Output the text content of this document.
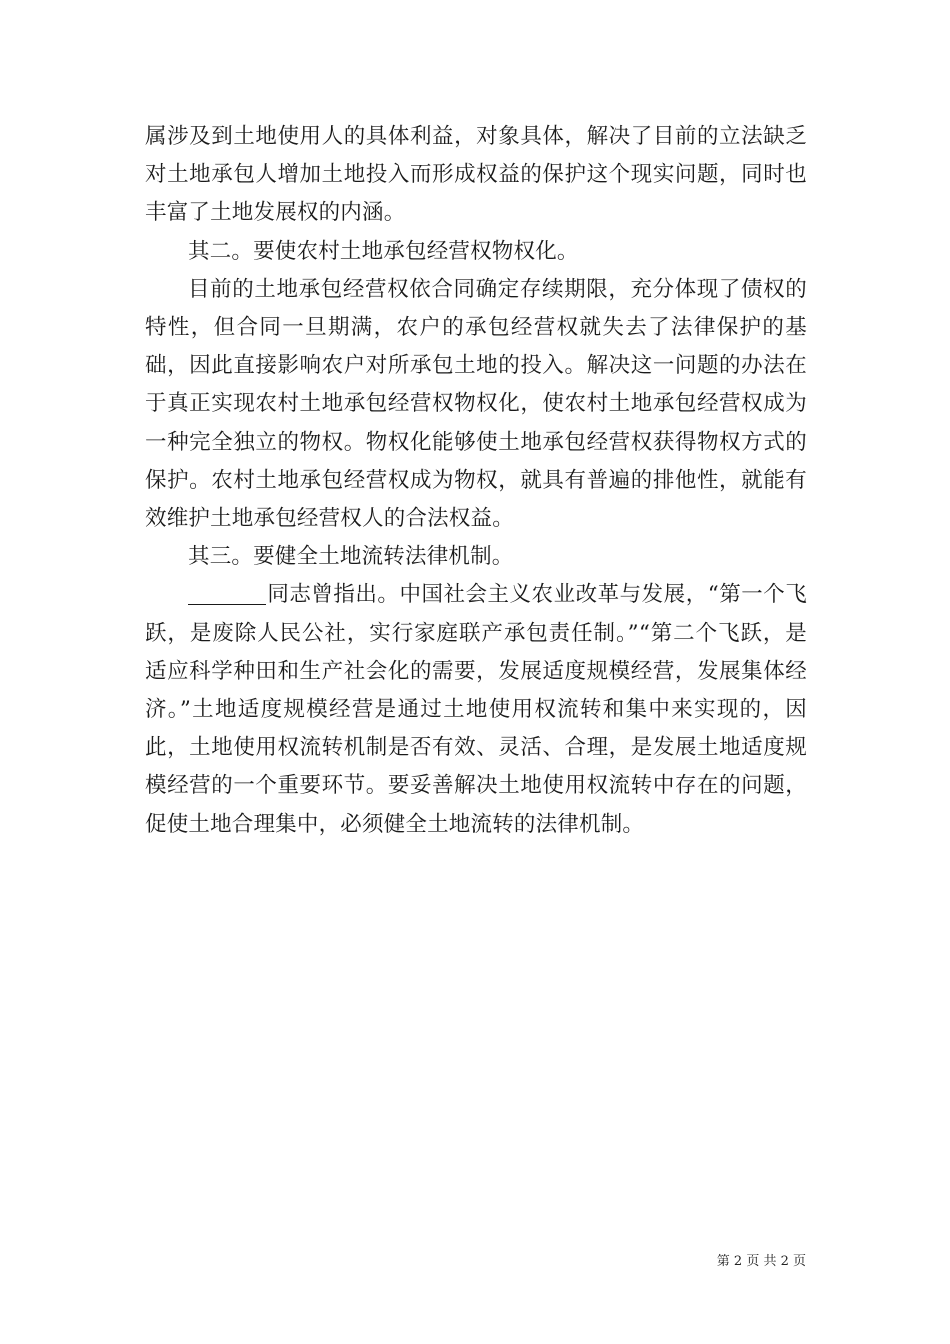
属涉及到土地使用人的具体利益，对象具体，解决了目前的立法缺乏对土地承包人增加土地投入而形成权益的保护这个现实问题，同时也丰富了土地发展权的内涵。

其二。要使农村土地承包经营权物权化。

目前的土地承包经营权依合同确定存续期限，充分体现了债权的特性，但合同一旦期满，农户的承包经营权就失去了法律保护的基础，因此直接影响农户对所承包土地的投入。解决这一问题的办法在于真正实现农村土地承包经营权物权化，使农村土地承包经营权成为一种完全独立的物权。物权化能够使土地承包经营权获得物权方式的保护。农村土地承包经营权成为物权，就具有普遍的排他性，就能有效维护土地承包经营权人的合法权益。

其三。要健全土地流转法律机制。

同志曾指出。中国社会主义农业改革与发展，“第一个飞跃，是废除人民公社，实行家庭联产承包责任制。”“第二个飞跃，是适应科学种田和生产社会化的需要，发展适度规模经营，发展集体经济。”土地适度规模经营是通过土地使用权流转和集中来实现的，因此，土地使用权流转机制是否有效、灵活、合理，是发展土地适度规模经营的一个重要环节。要妥善解决土地使用权流转中存在的问题，促使土地合理集中，必须健全土地流转的法律机制。

第 2 页 共 2 页
